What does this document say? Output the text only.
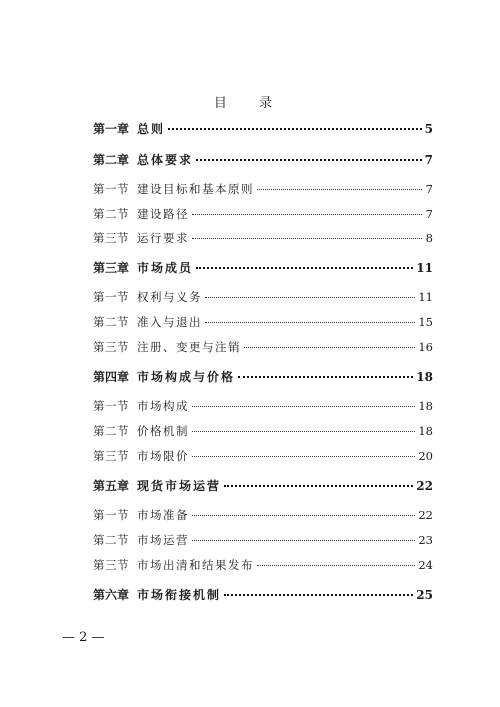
目 录
第一章 总则	5
第二章 总体要求	7
第一节 建设目标和基本原则	7
第二节 建设路径	7
第三节 运行要求	8
第三章 市场成员	11
第一节 权利与义务	11
第二节 准入与退出	15
第三节 注册、变更与注销	16
第四章 市场构成与价格	18
第一节 市场构成	18
第二节 价格机制	18
第三节 市场限价	20
第五章 现货市场运营	22
第一节 市场准备	22
第二节 市场运营	23
第三节 市场出清和结果发布	24
第六章 市场衔接机制	25
— 2 —
